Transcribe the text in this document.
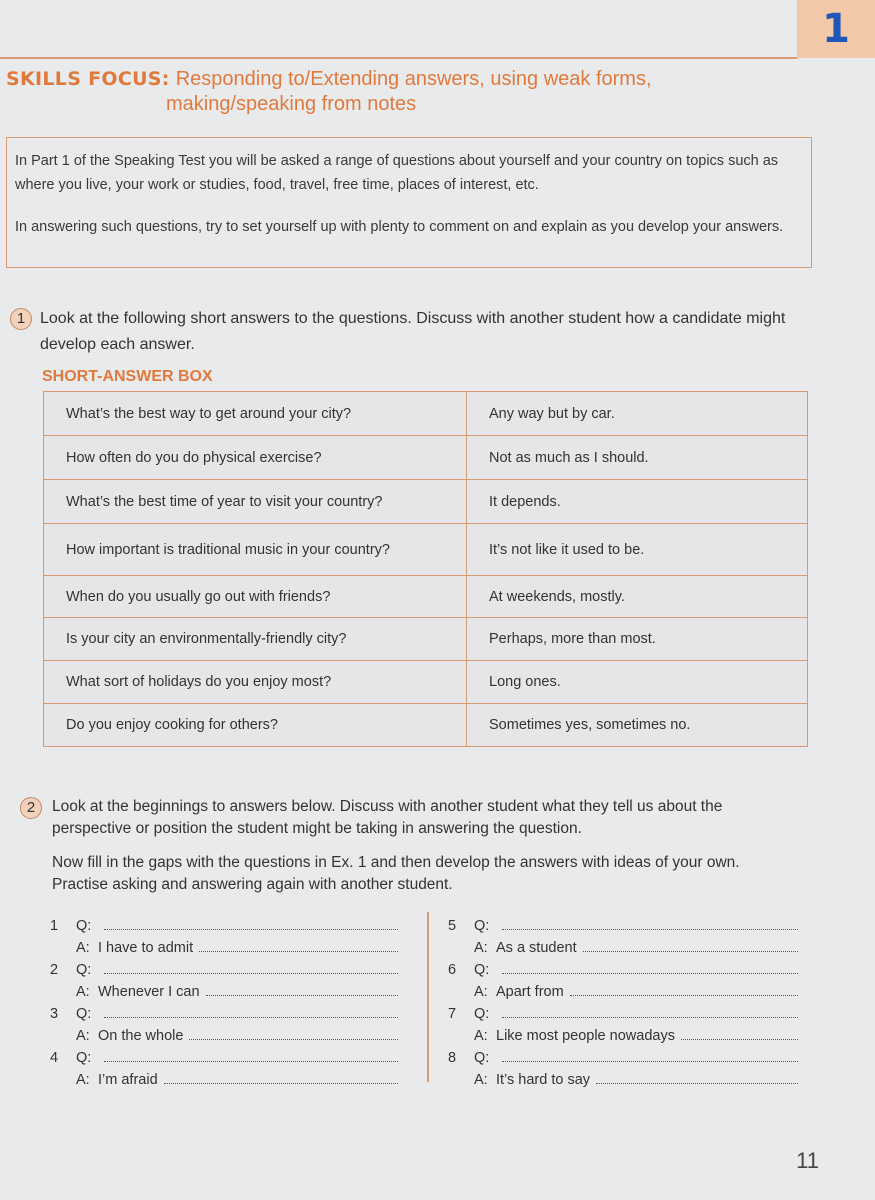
1
SKILLS FOCUS: Responding to/Extending answers, using weak forms,
making/speaking from notes

In Part 1 of the Speaking Test you will be asked a range of questions about yourself and your country on topics such as where you live, your work or studies, food, travel, free time, places of interest, etc.

In answering such questions, try to set yourself up with plenty to comment on and explain as you develop your answers.

1 Look at the following short answers to the questions. Discuss with another student how a candidate might develop each answer.
SHORT-ANSWER BOX
What’s the best way to get around your city?	Any way but by car.
How often do you do physical exercise?	Not as much as I should.
What’s the best time of year to visit your country?	It depends.
How important is traditional music in your country?	It’s not like it used to be.
When do you usually go out with friends?	At weekends, mostly.
Is your city an environmentally-friendly city?	Perhaps, more than most.
What sort of holidays do you enjoy most?	Long ones.
Do you enjoy cooking for others?	Sometimes yes, sometimes no.
2	Look at the beginnings to answers below. Discuss with another student what they tell us about the perspective or position the student might be taking in answering the question.
Now fill in the gaps with the questions in Ex. 1 and then develop the answers with ideas of your own. Practise asking and answering again with another student.
1	Q:
A: I have to admit
2	Q:
A: Whenever I can
3	Q:
A: On the whole
4	Q:
A: I’m afraid
5	Q:
A: As a student
6	Q:
A: Apart from
7	Q:
A: Like most people nowadays
8	Q:
A: It’s hard to say
11
